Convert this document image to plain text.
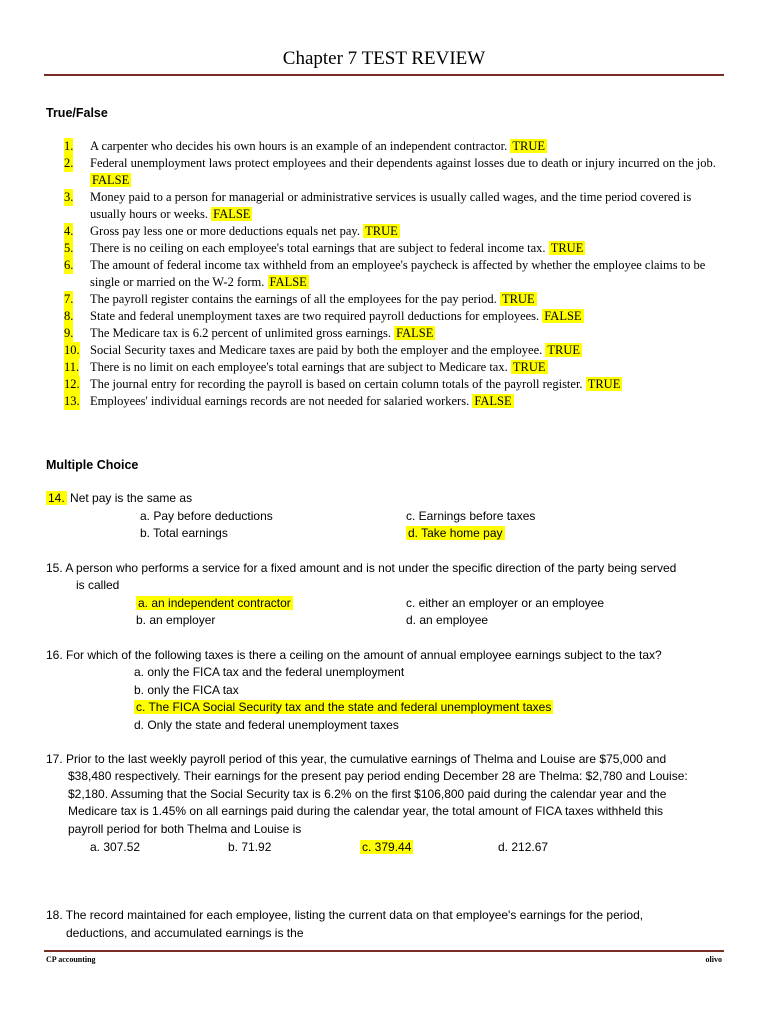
Chapter 7 TEST REVIEW
True/False
1. A carpenter who decides his own hours is an example of an independent contractor. TRUE
2. Federal unemployment laws protect employees and their dependents against losses due to death or injury incurred on the job. FALSE
3. Money paid to a person for managerial or administrative services is usually called wages, and the time period covered is usually hours or weeks. FALSE
4. Gross pay less one or more deductions equals net pay. TRUE
5. There is no ceiling on each employee's total earnings that are subject to federal income tax. TRUE
6. The amount of federal income tax withheld from an employee's paycheck is affected by whether the employee claims to be single or married on the W-2 form. FALSE
7. The payroll register contains the earnings of all the employees for the pay period. TRUE
8. State and federal unemployment taxes are two required payroll deductions for employees. FALSE
9. The Medicare tax is 6.2 percent of unlimited gross earnings. FALSE
10. Social Security taxes and Medicare taxes are paid by both the employer and the employee. TRUE
11. There is no limit on each employee's total earnings that are subject to Medicare tax. TRUE
12. The journal entry for recording the payroll is based on certain column totals of the payroll register. TRUE
13. Employees' individual earnings records are not needed for salaried workers. FALSE
Multiple Choice
14. Net pay is the same as
a. Pay before deductions	c. Earnings before taxes
b. Total earnings	d. Take home pay
15. A person who performs a service for a fixed amount and is not under the specific direction of the party being served
is called
a. an independent contractor	c. either an employer or an employee
b. an employer	d. an employee
16. For which of the following taxes is there a ceiling on the amount of annual employee earnings subject to the tax?
a. only the FICA tax and the federal unemployment
b. only the FICA tax
c. The FICA Social Security tax and the state and federal unemployment taxes
d. Only the state and federal unemployment taxes
17. Prior to the last weekly payroll period of this year, the cumulative earnings of Thelma and Louise are $75,000 and
$38,480 respectively. Their earnings for the present pay period ending December 28 are Thelma: $2,780 and Louise:
$2,180. Assuming that the Social Security tax is 6.2% on the first $106,800 paid during the calendar year and the
Medicare tax is 1.45% on all earnings paid during the calendar year, the total amount of FICA taxes withheld this
payroll period for both Thelma and Louise is
a. 307.52	b. 71.92	c. 379.44	d. 212.67
18. The record maintained for each employee, listing the current data on that employee's earnings for the period,
deductions, and accumulated earnings is the
CP accounting	olivo
